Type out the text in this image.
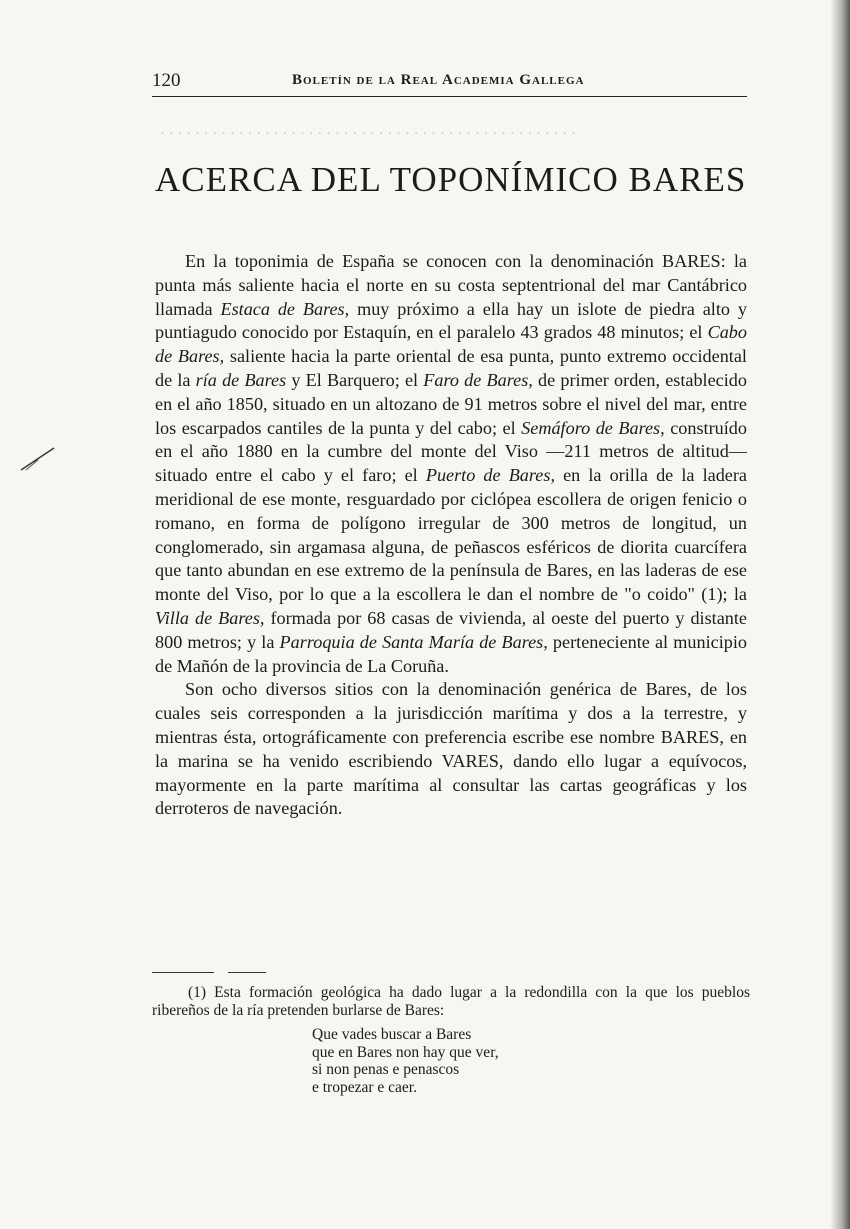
120	Boletín de la Real Academia Gallega
· · · · · · · · · · · · · · · · · · · · · · · · · · · · · · · · · · · · · · · · · · · · · · · ·
ACERCA DEL TOPONÍMICO BARES

En la toponimia de España se conocen con la denominación BARES: la punta más saliente hacia el norte en su costa septentrional del mar Cantábrico llamada Estaca de Bares, muy próximo a ella hay un islote de piedra alto y puntiagudo conocido por Estaquín, en el paralelo 43 grados 48 minutos; el Cabo de Bares, saliente hacia la parte oriental de esa punta, punto extremo occidental de la ría de Bares y El Barquero; el Faro de Bares, de primer orden, establecido en el año 1850, situado en un altozano de 91 metros sobre el nivel del mar, entre los escarpados cantiles de la punta y del cabo; el Semáforo de Bares, construído en el año 1880 en la cumbre del monte del Viso —211 metros de altitud— situado entre el cabo y el faro; el Puerto de Bares, en la orilla de la ladera meridional de ese monte, resguardado por ciclópea escollera de origen fenicio o romano, en forma de polígono irregular de 300 metros de longitud, un conglomerado, sin argamasa alguna, de peñascos esféricos de diorita cuarcífera que tanto abundan en ese extremo de la península de Bares, en las laderas de ese monte del Viso, por lo que a la escollera le dan el nombre de "o coido" (1); la Villa de Bares, formada por 68 casas de vivienda, al oeste del puerto y distante 800 metros; y la Parroquia de Santa María de Bares, perteneciente al municipio de Mañón de la provincia de La Coruña.

Son ocho diversos sitios con la denominación genérica de Bares, de los cuales seis corresponden a la jurisdicción marítima y dos a la terrestre, y mientras ésta, ortográficamente con preferencia escribe ese nombre BARES, en la marina se ha venido escribiendo VARES, dando ello lugar a equívocos, mayormente en la parte marítima al consultar las cartas geográficas y los derroteros de navegación.

(1) Esta formación geológica ha dado lugar a la redondilla con la que los pueblos ribereños de la ría pretenden burlarse de Bares:

Que vades buscar a Bares
que en Bares non hay que ver,
si non penas e penascos
e tropezar e caer.
